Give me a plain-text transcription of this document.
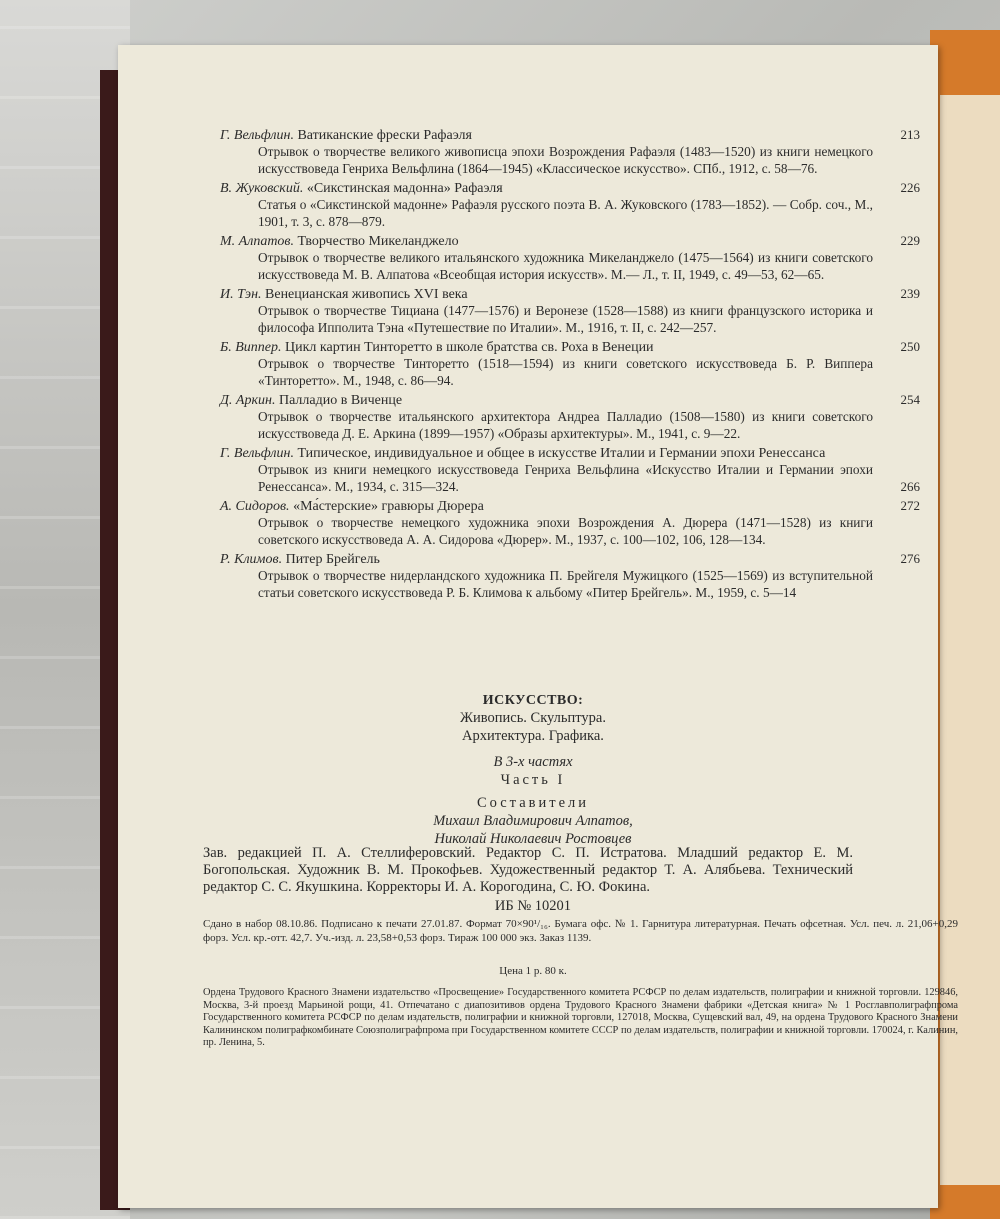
Г. Вельфлин. Ватиканские фрески Рафаэля
Отрывок о творчестве великого живописца эпохи Возрождения Рафаэля (1483—1520) из книги немецкого искусствоведа Генриха Вельфлина (1864—1945) «Классическое искусство». СПб., 1912, с. 58—76.
213
В. Жуковский. «Сикстинская мадонна» Рафаэля
Статья о «Сикстинской мадонне» Рафаэля русского поэта В. А. Жуковского (1783—1852). — Собр. соч., М., 1901, т. 3, с. 878—879.
226
М. Алпатов. Творчество Микеланджело
Отрывок о творчестве великого итальянского художника Микеланджело (1475—1564) из книги советского искусствоведа М. В. Алпатова «Всеобщая история искусств». М.— Л., т. II, 1949, с. 49—53, 62—65.
229
И. Тэн. Венецианская живопись XVI века
Отрывок о творчестве Тициана (1477—1576) и Веронезе (1528—1588) из книги французского историка и философа Ипполита Тэна «Путешествие по Италии». М., 1916, т. II, с. 242—257.
239
Б. Виппер. Цикл картин Тинторетто в школе братства св. Роха в Венеции
Отрывок о творчестве Тинторетто (1518—1594) из книги советского искусствоведа Б. Р. Виппера «Тинторетто». М., 1948, с. 86—94.
250
Д. Аркин. Палладио в Виченце
Отрывок о творчестве итальянского архитектора Андреа Палладио (1508—1580) из книги советского искусствоведа Д. Е. Аркина (1899—1957) «Образы архитектуры». М., 1941, с. 9—22.
254
Г. Вельфлин. Типическое, индивидуальное и общее в искусстве Италии и Германии эпохи Ренессанса
Отрывок из книги немецкого искусствоведа Генриха Вельфлина «Искусство Италии и Германии эпохи Ренессанса». М., 1934, с. 315—324.	266
А. Сидоров. «Ма́стерские» гравюры Дюрера
Отрывок о творчестве немецкого художника эпохи Возрождения А. Дюрера (1471—1528) из книги советского искусствоведа А. А. Сидорова «Дюрер». М., 1937, с. 100—102, 106, 128—134.
272
Р. Климов. Питер Брейгель
Отрывок о творчестве нидерландского художника П. Брейгеля Мужицкого (1525—1569) из вступительной статьи советского искусствоведа Р. Б. Климова к альбому «Питер Брейгель». М., 1959, с. 5—14
276
ИСКУССТВО:
Живопись. Скульптура.
Архитектура. Графика.
В 3-х частях
Часть I
Составители
Михаил Владимирович Алпатов,
Николай Николаевич Ростовцев
Зав. редакцией П. А. Стеллиферовский. Редактор С. П. Истратова. Младший редактор Е. М. Богопольская. Художник В. М. Прокофьев. Художественный редактор Т. А. Алябьева. Технический редактор С. С. Якушкина. Корректоры И. А. Корогодина, С. Ю. Фокина.
ИБ № 10201
Сдано в набор 08.10.86. Подписано к печати 27.01.87. Формат 70×90¹/₁₆. Бумага офс. № 1. Гарнитура литературная. Печать офсетная. Усл. печ. л. 21,06+0,29 форз. Усл. кр.-отт. 42,7. Уч.-изд. л. 23,58+0,53 форз. Тираж 100 000 экз. Заказ 1139.
Цена 1 р. 80 к.
Ордена Трудового Красного Знамени издательство «Просвещение» Государственного комитета РСФСР по делам издательств, полиграфии и книжной торговли. 129846, Москва, 3-й проезд Марьиной рощи, 41. Отпечатано с диапозитивов ордена Трудового Красного Знамени фабрики «Детская книга» № 1 Росглавполиграфпрома Государственного комитета РСФСР по делам издательств, полиграфии и книжной торговли, 127018, Москва, Сущевский вал, 49, на ордена Трудового Красного Знамени Калининском полиграфкомбинате Союзполиграфпрома при Государственном комитете СССР по делам издательств, полиграфии и книжной торговли. 170024, г. Калинин, пр. Ленина, 5.
